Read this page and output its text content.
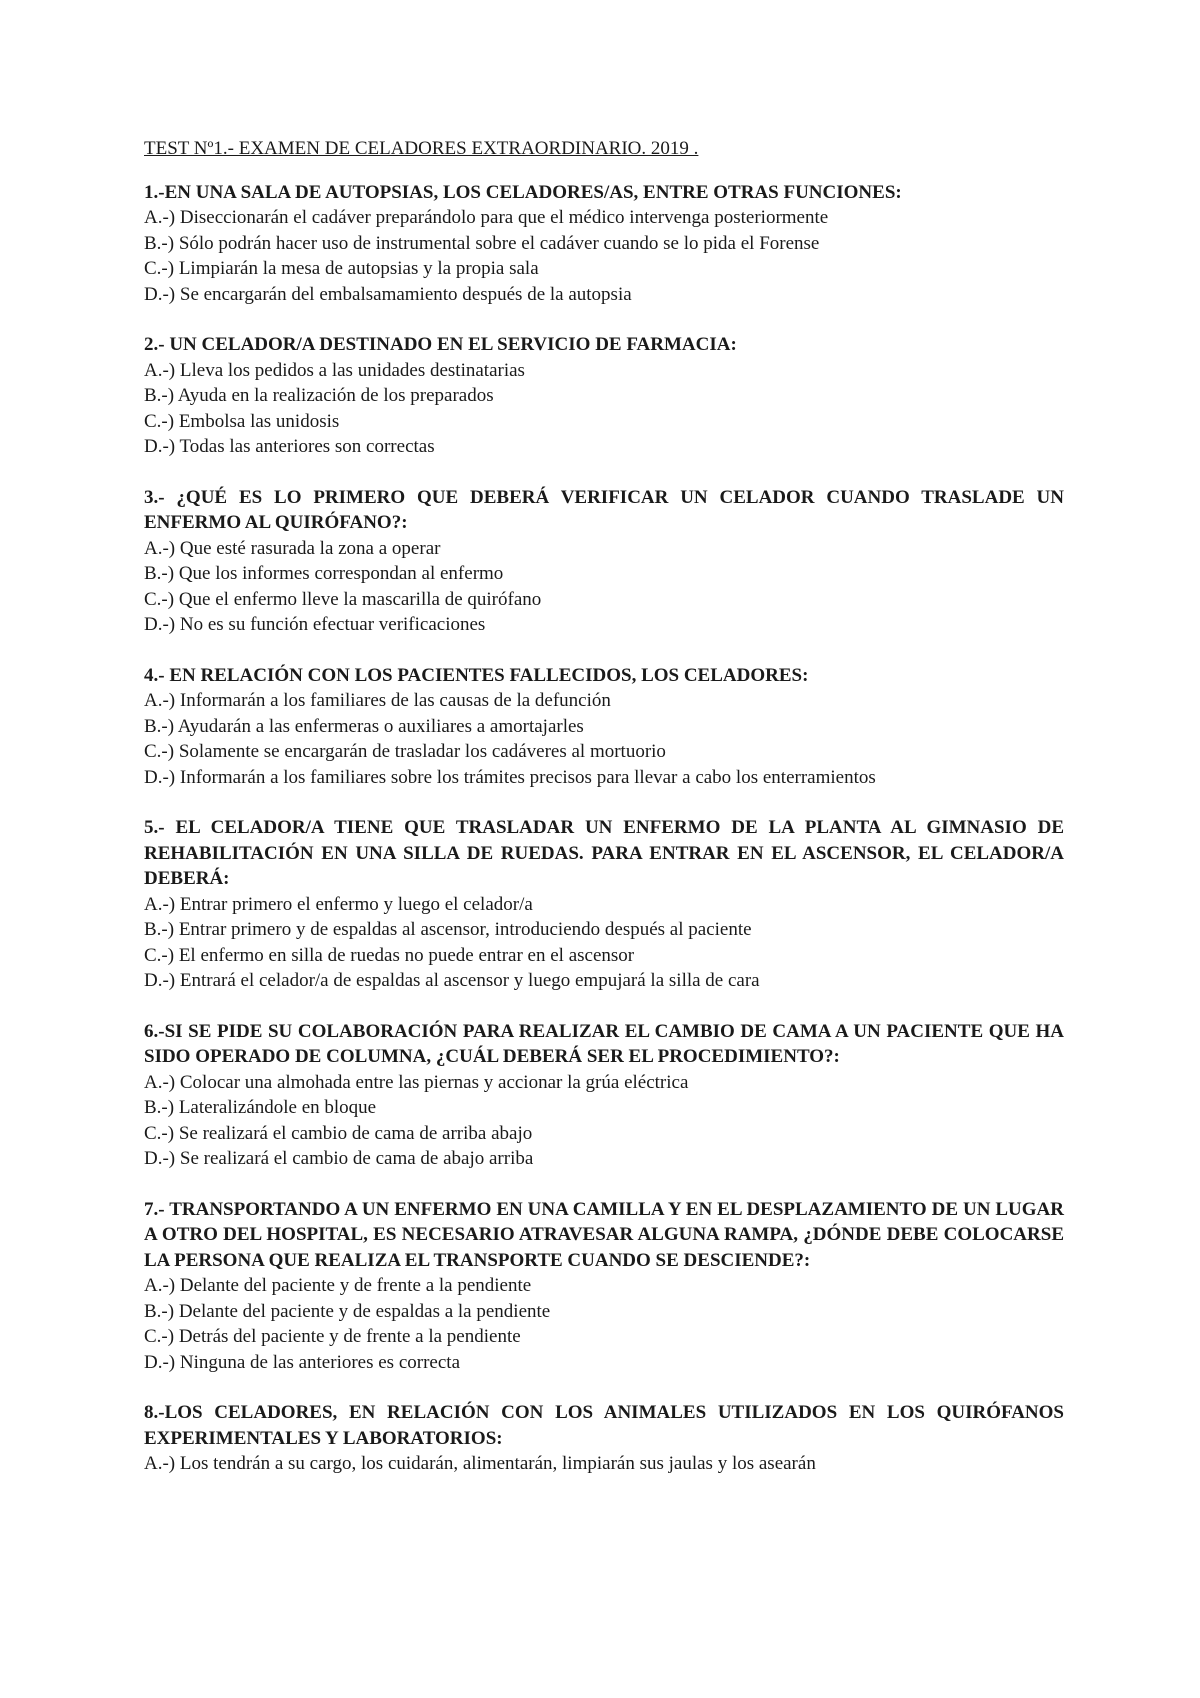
TEST Nº1.- EXAMEN DE CELADORES EXTRAORDINARIO. 2019 .

1.-EN UNA SALA DE AUTOPSIAS, LOS CELADORES/AS, ENTRE OTRAS FUNCIONES:

A.-) Diseccionarán el cadáver preparándolo para que el médico intervenga posteriormente
B.-) Sólo podrán hacer uso de instrumental sobre el cadáver cuando se lo pida el Forense
C.-) Limpiarán la mesa de autopsias y la propia sala
D.-) Se encargarán del embalsamamiento después de la autopsia

2.- UN CELADOR/A DESTINADO EN EL SERVICIO DE FARMACIA:

A.-) Lleva los pedidos a las unidades destinatarias
B.-) Ayuda en la realización de los preparados
C.-) Embolsa las unidosis
D.-) Todas las anteriores son correctas

3.- ¿QUÉ ES LO PRIMERO QUE DEBERÁ VERIFICAR UN CELADOR CUANDO TRASLADE UN ENFERMO AL QUIRÓFANO?:

A.-) Que esté rasurada la zona a operar
B.-) Que los informes correspondan al enfermo
C.-) Que el enfermo lleve la mascarilla de quirófano
D.-) No es su función efectuar verificaciones

4.- EN RELACIÓN CON LOS PACIENTES FALLECIDOS, LOS CELADORES:

A.-) Informarán a los familiares de las causas de la defunción
B.-) Ayudarán a las enfermeras o auxiliares a amortajarles
C.-) Solamente se encargarán de trasladar los cadáveres al mortuorio
D.-) Informarán a los familiares sobre los trámites precisos para llevar a cabo los enterramientos

5.- EL CELADOR/A TIENE QUE TRASLADAR UN ENFERMO DE LA PLANTA AL GIMNASIO DE REHABILITACIÓN EN UNA SILLA DE RUEDAS. PARA ENTRAR EN EL ASCENSOR, EL CELADOR/A DEBERÁ:

A.-) Entrar primero el enfermo y luego el celador/a
B.-) Entrar primero y de espaldas al ascensor, introduciendo después al paciente
C.-) El enfermo en silla de ruedas no puede entrar en el ascensor
D.-) Entrará el celador/a de espaldas al ascensor y luego empujará la silla de cara

6.-SI SE PIDE SU COLABORACIÓN PARA REALIZAR EL CAMBIO DE CAMA A UN PACIENTE QUE HA SIDO OPERADO DE COLUMNA, ¿CUÁL DEBERÁ SER EL PROCEDIMIENTO?:

A.-) Colocar una almohada entre las piernas y accionar la grúa eléctrica
B.-) Lateralizándole en bloque
C.-) Se realizará el cambio de cama de arriba abajo
D.-) Se realizará el cambio de cama de abajo arriba

7.- TRANSPORTANDO A UN ENFERMO EN UNA CAMILLA Y EN EL DESPLAZAMIENTO DE UN LUGAR A OTRO DEL HOSPITAL, ES NECESARIO ATRAVESAR ALGUNA RAMPA, ¿DÓNDE DEBE COLOCARSE LA PERSONA QUE REALIZA EL TRANSPORTE CUANDO SE DESCIENDE?:

A.-) Delante del paciente y de frente a la pendiente
B.-) Delante del paciente y de espaldas a la pendiente
C.-) Detrás del paciente y de frente a la pendiente
D.-) Ninguna de las anteriores es correcta

8.-LOS CELADORES, EN RELACIÓN CON LOS ANIMALES UTILIZADOS EN LOS QUIRÓFANOS EXPERIMENTALES Y LABORATORIOS:

A.-) Los tendrán a su cargo, los cuidarán, alimentarán, limpiarán sus jaulas y los asearán
